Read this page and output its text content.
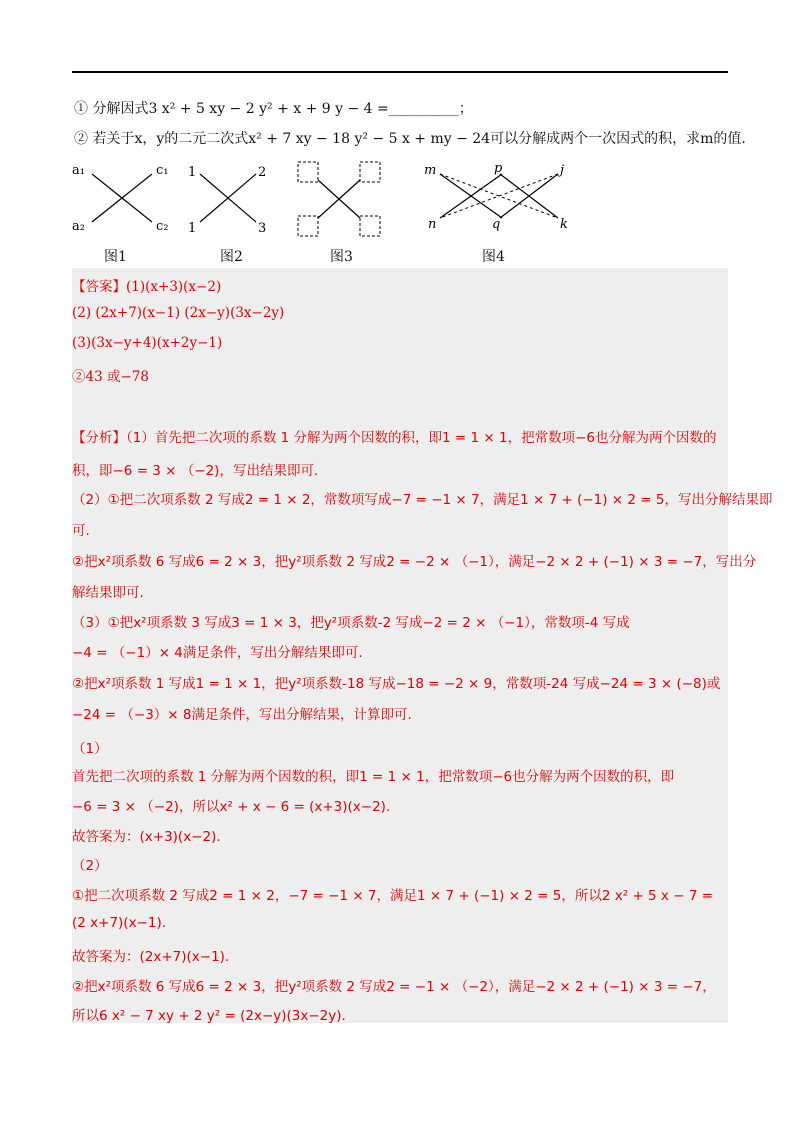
① 分解因式3 x² + 5 xy − 2 y² + x + 9 y − 4 =__________；
② 若关于x，y的二元二次式x² + 7 xy − 18 y² − 5 x + my − 24可以分解成两个一次因式的积，求m的值.
a₁	c₁
a₂	c₂
图1
1	2
1	3
图2	图3
m	p	j
n	q	k
图4
【答案】(1)(x+3)(x−2)
(2) (2x+7)(x−1) (2x−y)(3x−2y)
(3)(3x−y+4)(x+2y−1)
②43 或−78
【分析】（1）首先把二次项的系数 1 分解为两个因数的积，即1 = 1 × 1，把常数项−6也分解为两个因数的
积，即−6 = 3 × （−2)，写出结果即可.
（2）①把二次项系数 2 写成2 = 1 × 2，常数项写成−7 = −1 × 7，满足1 × 7 + (−1) × 2 = 5，写出分解结果即
可.
②把x²项系数 6 写成6 = 2 × 3，把y²项系数 2 写成2 = −2 × （−1），满足−2 × 2 + (−1) × 3 = −7，写出分
解结果即可.
（3）①把x²项系数 3 写成3 = 1 × 3，把y²项系数-2 写成−2 = 2 × （−1），常数项-4 写成
−4 = （−1）× 4满足条件，写出分解结果即可.
②把x²项系数 1 写成1 = 1 × 1，把y²项系数-18 写成−18 = −2 × 9，常数项-24 写成−24 = 3 × (−8)或
−24 = （−3）× 8满足条件，写出分解结果，计算即可.
（1）
首先把二次项的系数 1 分解为两个因数的积，即1 = 1 × 1，把常数项−6也分解为两个因数的积，即
−6 = 3 × （−2)，所以x² + x − 6 = (x+3)(x−2).
故答案为：(x+3)(x−2).
（2）
①把二次项系数 2 写成2 = 1 × 2，−7 = −1 × 7，满足1 × 7 + (−1) × 2 = 5，所以2 x² + 5 x − 7 =
(2 x+7)(x−1).
故答案为：(2x+7)(x−1).
②把x²项系数 6 写成6 = 2 × 3，把y²项系数 2 写成2 = −1 × （−2），满足−2 × 2 + (−1) × 3 = −7，
所以6 x² − 7 xy + 2 y² = (2x−y)(3x−2y).
